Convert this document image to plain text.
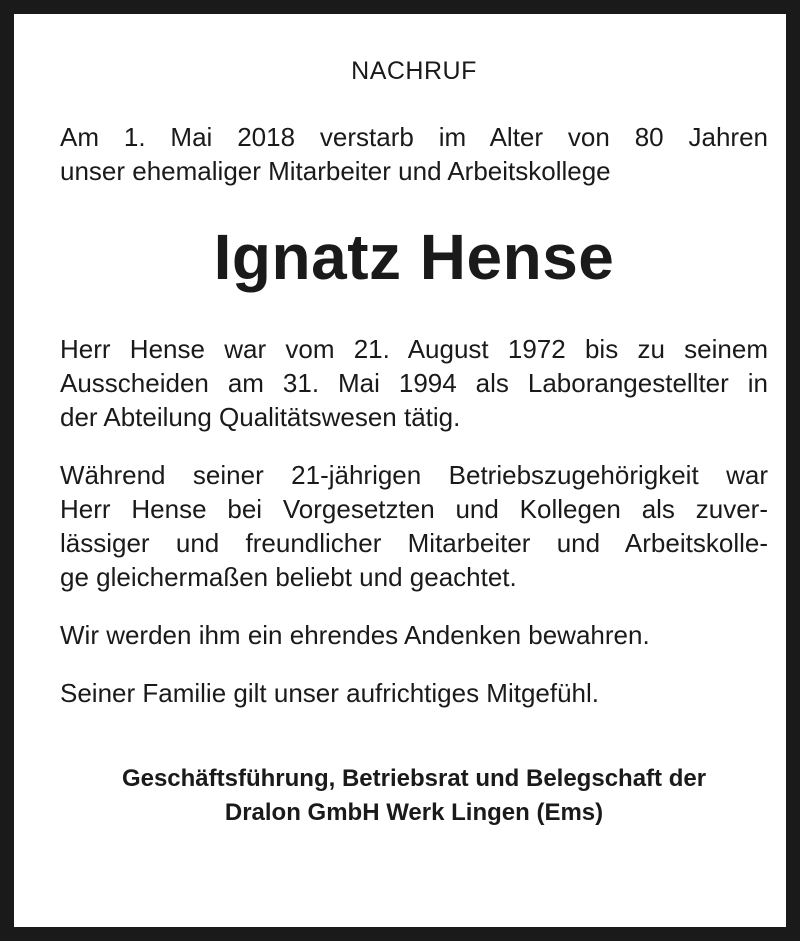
NACHRUF

Am 1. Mai 2018 verstarb im Alter von 80 Jahren
unser ehemaliger Mitarbeiter und Arbeitskollege

Ignatz Hense

Herr Hense war vom 21. August 1972 bis zu seinem
Ausscheiden am 31. Mai 1994 als Laborangestellter in
der Abteilung Qualitätswesen tätig.

Während seiner 21-jährigen Betriebszugehörigkeit war
Herr Hense bei Vorgesetzten und Kollegen als zuver-
lässiger und freundlicher Mitarbeiter und Arbeitskolle-
ge gleichermaßen beliebt und geachtet.

Wir werden ihm ein ehrendes Andenken bewahren.

Seiner Familie gilt unser aufrichtiges Mitgefühl.

Geschäftsführung, Betriebsrat und Belegschaft der
Dralon GmbH Werk Lingen (Ems)
